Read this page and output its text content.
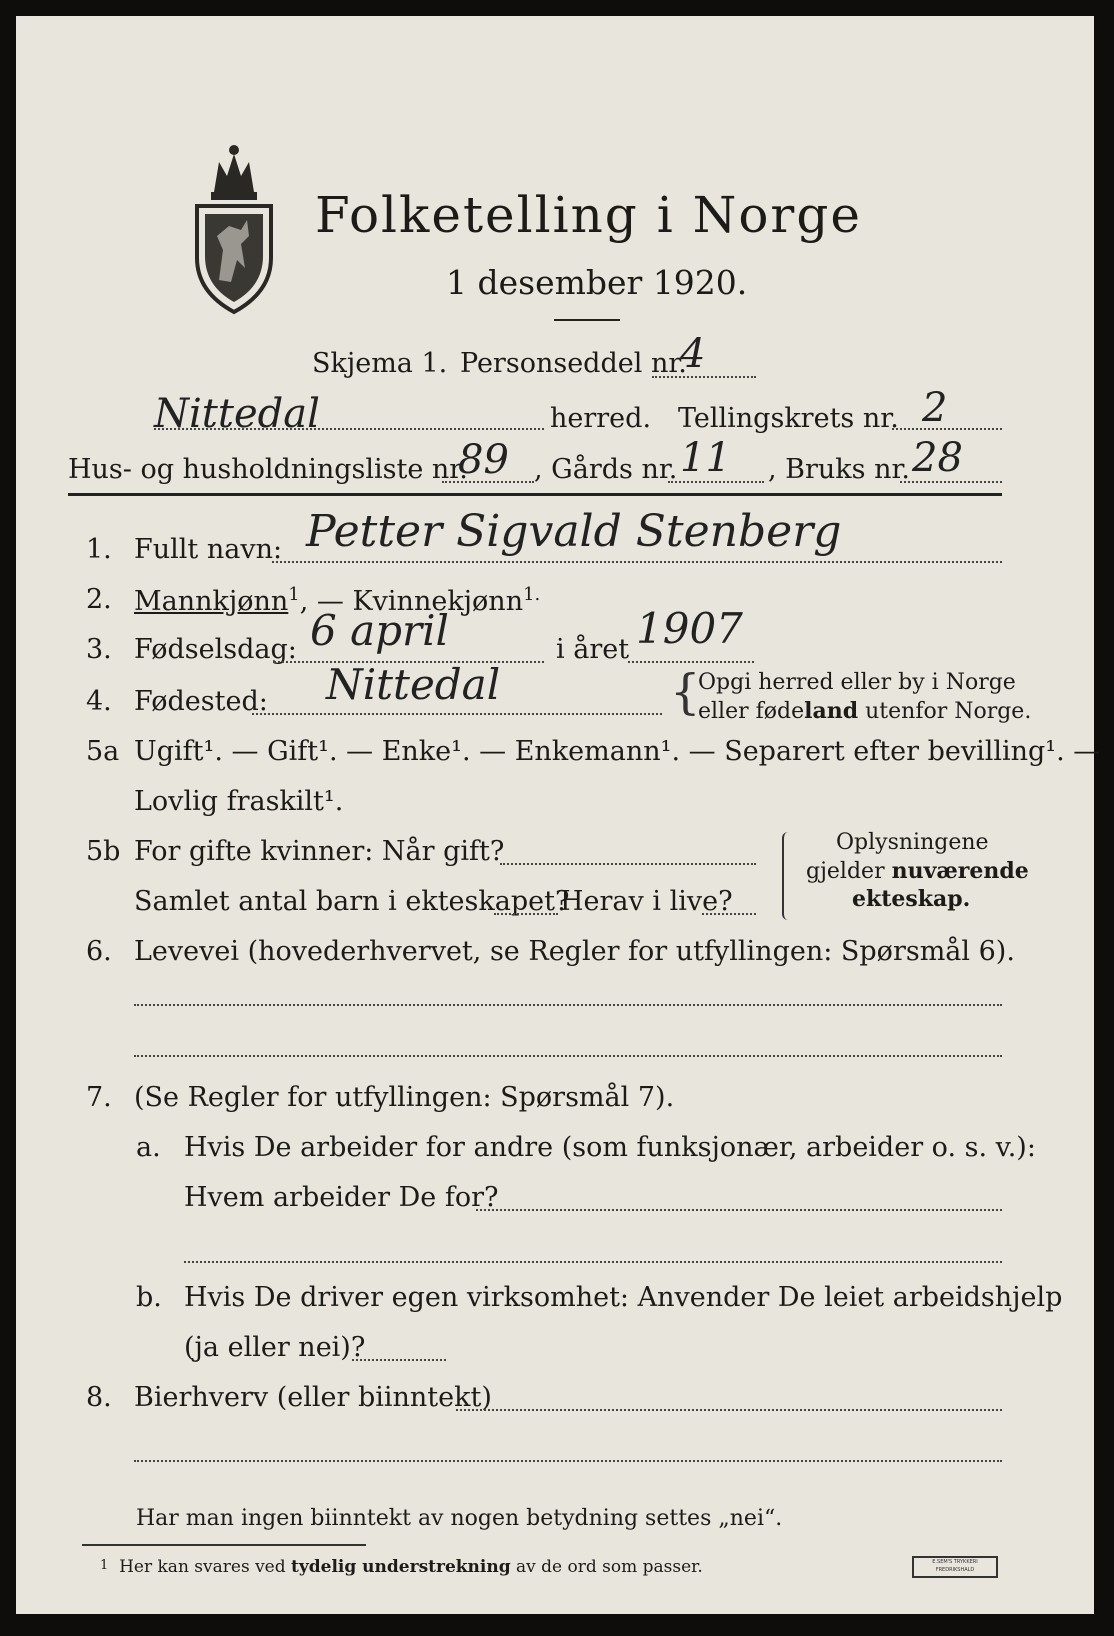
Folketelling i Norge
1 desember 1920.
Skjema 1. Personseddel nr.
4
Nittedal	herred. Tellingskrets nr. 2
Hus- og husholdningsliste nr.
89 , Gårds nr. 11 , Bruks nr. 28
1. Fullt navn: Petter Sigvald Stenberg
2. Mannkjønn$^1$, — Kvinnekjønn$^{1.}$
3. Fødselsdag: 6 april	i året 1907
4. Fødested: Nittedal	{
Opgi herred eller by i Norge
eller fødeland utenfor Norge.
5a Ugift¹. — Gift¹. — Enke¹. — Enkemann¹. — Separert efter bevilling¹. —
Lovlig fraskilt¹.
5b For gifte kvinner: Når gift?
Samlet antal barn i ekteskapet?
Herav i live?
Oplysningene
gjelder nuværende
ekteskap.
6. Levevei (hovederhvervet, se Regler for utfyllingen: Spørsmål 6).
7. (Se Regler for utfyllingen: Spørsmål 7).
a. Hvis De arbeider for andre (som funksjonær, arbeider o. s. v.):
Hvem arbeider De for?
b. Hvis De driver egen virksomhet: Anvender De leiet arbeidshjelp
(ja eller nei)?
8. Bierhverv (eller biinntekt)
Har man ingen biinntekt av nogen betydning settes „nei“.
$^1$ Her kan svares ved tydelig understrekning av de ord som passer.	E.SEM'S TRYKKERI
FREDRIKSHALD
